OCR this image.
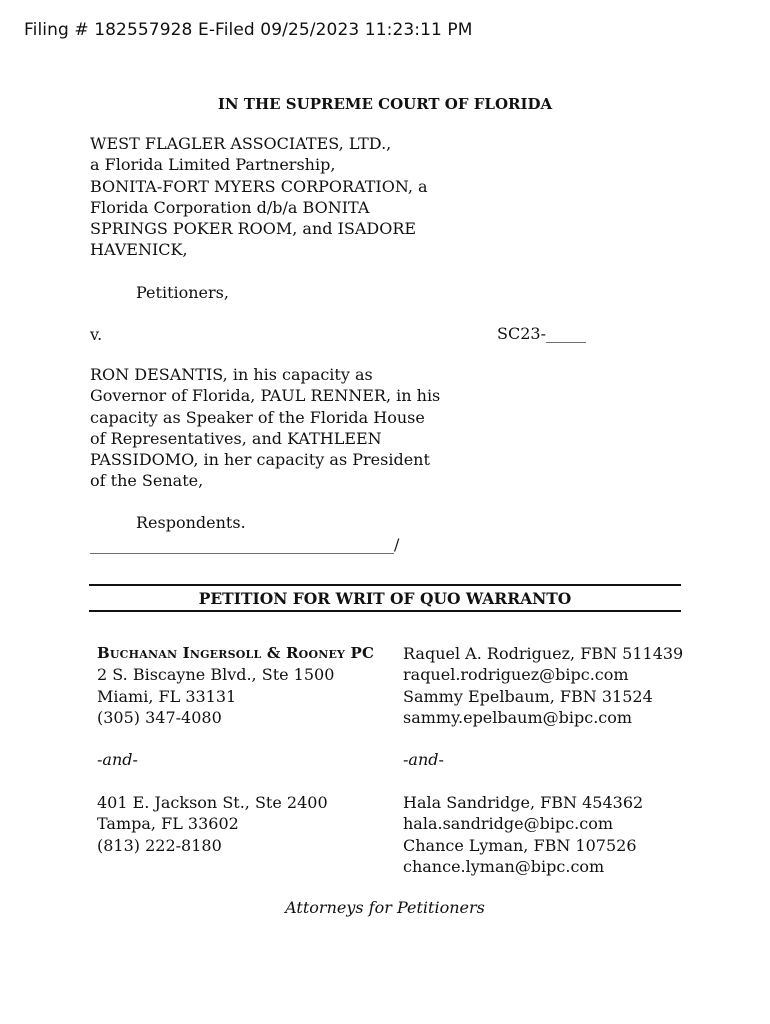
Filing # 182557928 E-Filed 09/25/2023 11:23:11 PM
IN THE SUPREME COURT OF FLORIDA
WEST FLAGLER ASSOCIATES, LTD.,
a Florida Limited Partnership,
BONITA-FORT MYERS CORPORATION, a
Florida Corporation d/b/a BONITA
SPRINGS POKER ROOM, and ISADORE
HAVENICK,
Petitioners,
v.	SC23-_____
RON DESANTIS, in his capacity as
Governor of Florida, PAUL RENNER, in his
capacity as Speaker of the Florida House
of Representatives, and KATHLEEN
PASSIDOMO, in her capacity as President
of the Senate,
Respondents.
______________________________________/
PETITION FOR WRIT OF QUO WARRANTO
Buchanan Ingersoll & Rooney PC
2 S. Biscayne Blvd., Ste 1500
Miami, FL 33131
(305) 347-4080
-and-
401 E. Jackson St., Ste 2400
Tampa, FL 33602
(813) 222-8180
Raquel A. Rodriguez, FBN 511439
raquel.rodriguez@bipc.com
Sammy Epelbaum, FBN 31524
sammy.epelbaum@bipc.com
-and-
Hala Sandridge, FBN 454362
hala.sandridge@bipc.com
Chance Lyman, FBN 107526
chance.lyman@bipc.com
Attorneys for Petitioners
